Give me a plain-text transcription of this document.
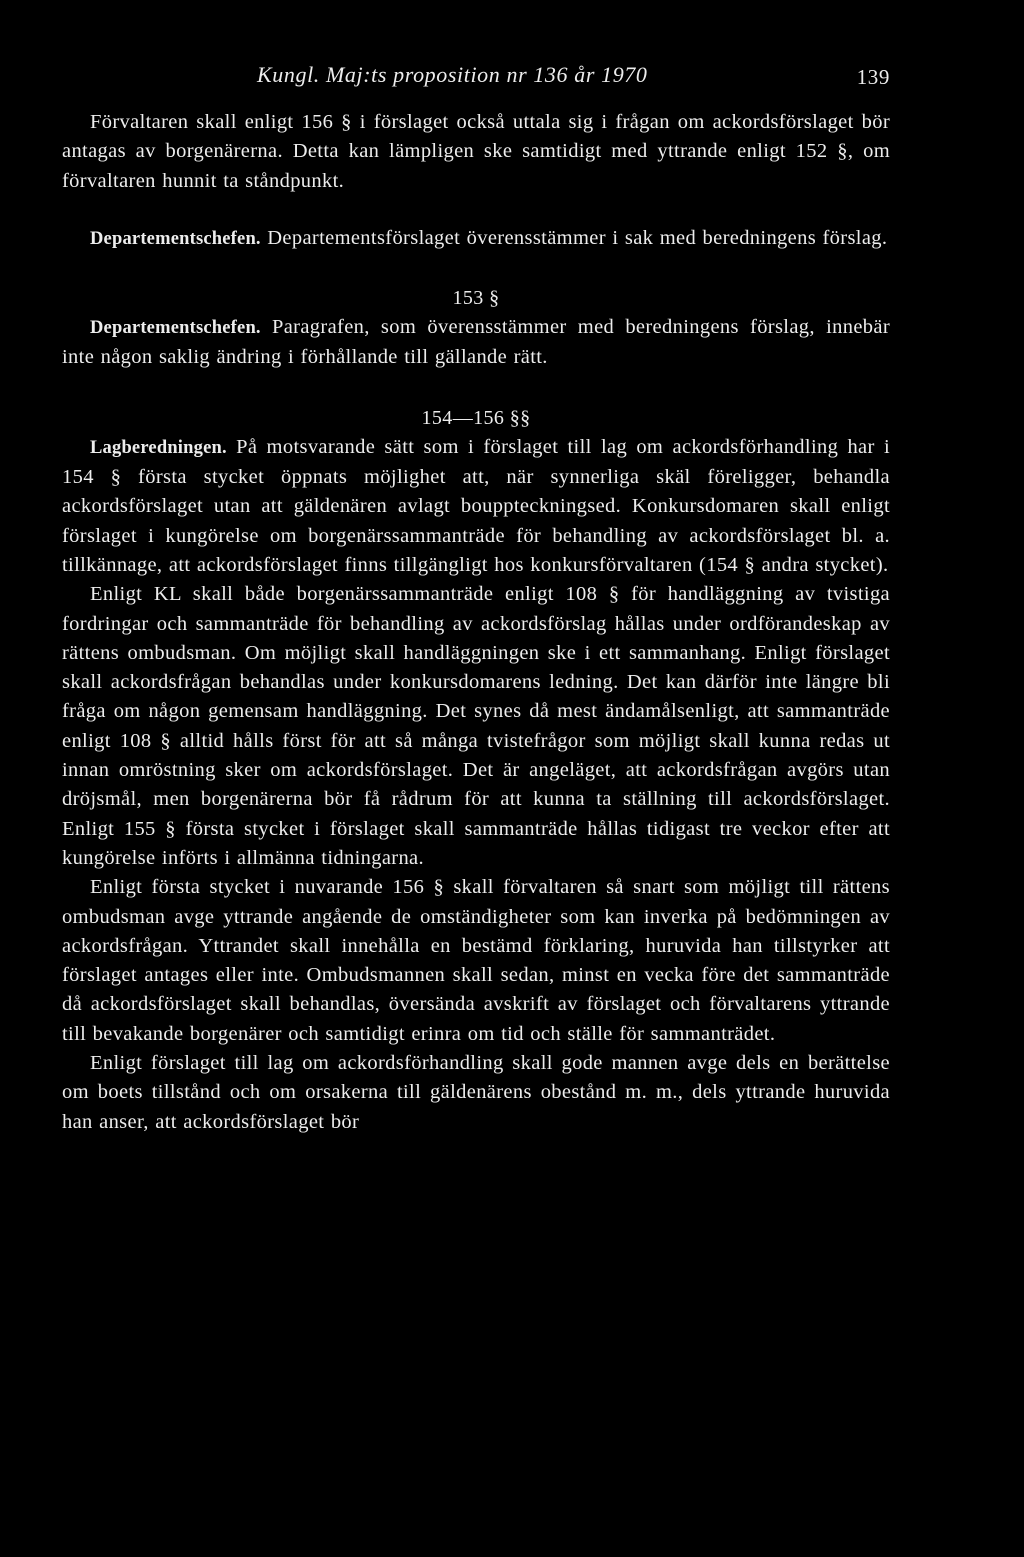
Kungl. Maj:ts proposition nr 136 år 1970	139

Förvaltaren skall enligt 156 § i förslaget också uttala sig i frågan om ackordsförslaget bör antagas av borgenärerna. Detta kan lämpligen ske samtidigt med yttrande enligt 152 §, om förvaltaren hunnit ta ståndpunkt.

Departementschefen. Departementsförslaget överensstämmer i sak med beredningens förslag.

153 §

Departementschefen. Paragrafen, som överensstämmer med beredningens förslag, innebär inte någon saklig ändring i förhållande till gällande rätt.

154—156 §§

Lagberedningen. På motsvarande sätt som i förslaget till lag om ackordsförhandling har i 154 § första stycket öppnats möjlighet att, när synnerliga skäl föreligger, behandla ackordsförslaget utan att gäldenären avlagt bouppteckningsed. Konkursdomaren skall enligt förslaget i kungörelse om borgenärssammanträde för behandling av ackordsförslaget bl. a. tillkännage, att ackordsförslaget finns tillgängligt hos konkursförvaltaren (154 § andra stycket).

Enligt KL skall både borgenärssammanträde enligt 108 § för handläggning av tvistiga fordringar och sammanträde för behandling av ackordsförslag hållas under ordförandeskap av rättens ombudsman. Om möjligt skall handläggningen ske i ett sammanhang. Enligt förslaget skall ackordsfrågan behandlas under konkursdomarens ledning. Det kan därför inte längre bli fråga om någon gemensam handläggning. Det synes då mest ändamålsenligt, att sammanträde enligt 108 § alltid hålls först för att så många tvistefrågor som möjligt skall kunna redas ut innan omröstning sker om ackordsförslaget. Det är angeläget, att ackordsfrågan avgörs utan dröjsmål, men borgenärerna bör få rådrum för att kunna ta ställning till ackordsförslaget. Enligt 155 § första stycket i förslaget skall sammanträde hållas tidigast tre veckor efter att kungörelse införts i allmänna tidningarna.

Enligt första stycket i nuvarande 156 § skall förvaltaren så snart som möjligt till rättens ombudsman avge yttrande angående de omständigheter som kan inverka på bedömningen av ackordsfrågan. Yttrandet skall innehålla en bestämd förklaring, huruvida han tillstyrker att förslaget antages eller inte. Ombudsmannen skall sedan, minst en vecka före det sammanträde då ackordsförslaget skall behandlas, översända avskrift av förslaget och förvaltarens yttrande till bevakande borgenärer och samtidigt erinra om tid och ställe för sammanträdet.

Enligt förslaget till lag om ackordsförhandling skall gode mannen avge dels en berättelse om boets tillstånd och om orsakerna till gäldenärens obestånd m. m., dels yttrande huruvida han anser, att ackordsförslaget bör
